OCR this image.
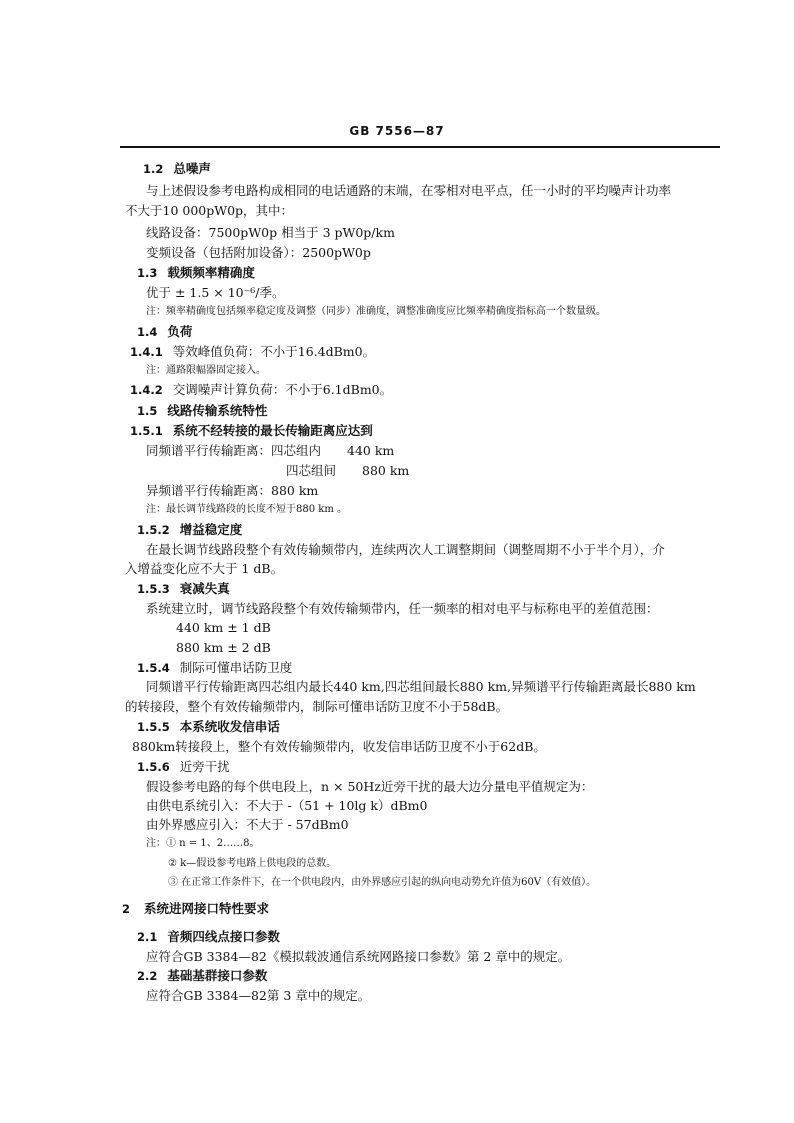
GB 7556—87
1.2 总噪声
与上述假设参考电路构成相同的电话通路的末端，在零相对电平点，任一小时的平均噪声计功率
不大于10 000pW0p，其中：
线路设备：7500pW0p 相当于 3 pW0p/km
变频设备（包括附加设备）：2500pW0p
1.3 载频频率精确度
优于 ± 1.5 × 10⁻⁶/季。
注：频率精确度包括频率稳定度及调整（同步）准确度，调整准确度应比频率精确度指标高一个数量级。
1.4 负荷
1.4.1 等效峰值负荷：不小于16.4dBm0。
注：通路限幅器固定接入。
1.4.2 交调噪声计算负荷：不小于6.1dBm0。
1.5 线路传输系统特性
1.5.1 系统不经转接的最长传输距离应达到
同频谱平行传输距离：四芯组内 440 km
四芯组间 880 km
异频谱平行传输距离：880 km
注：最长调节线路段的长度不短于880 km 。
1.5.2 增益稳定度
在最长调节线路段整个有效传输频带内，连续两次人工调整期间（调整周期不小于半个月），介
入增益变化应不大于 1 dB。
1.5.3 衰减失真
系统建立时，调节线路段整个有效传输频带内，任一频率的相对电平与标称电平的差值范围：
440 km ± 1 dB
880 km ± 2 dB
1.5.4 制际可懂串话防卫度
同频谱平行传输距离四芯组内最长440 km,四芯组间最长880 km,异频谱平行传输距离最长880 km
的转接段，整个有效传输频带内，制际可懂串话防卫度不小于58dB。
1.5.5 本系统收发信串话
880km转接段上，整个有效传输频带内，收发信串话防卫度不小于62dB。
1.5.6 近旁干扰
假设参考电路的每个供电段上，n × 50Hz近旁干扰的最大边分量电平值规定为：
由供电系统引入：不大于 -（51 + 10lg k）dBm0
由外界感应引入：不大于 - 57dBm0
注：① n = 1、2……8。
② k—假设参考电路上供电段的总数。
③ 在正常工作条件下，在一个供电段内，由外界感应引起的纵向电动势允许值为60V（有效值）。
2 系统进网接口特性要求
2.1 音频四线点接口参数
应符合GB 3384—82《模拟载波通信系统网路接口参数》第 2 章中的规定。
2.2 基础基群接口参数
应符合GB 3384—82第 3 章中的规定。
